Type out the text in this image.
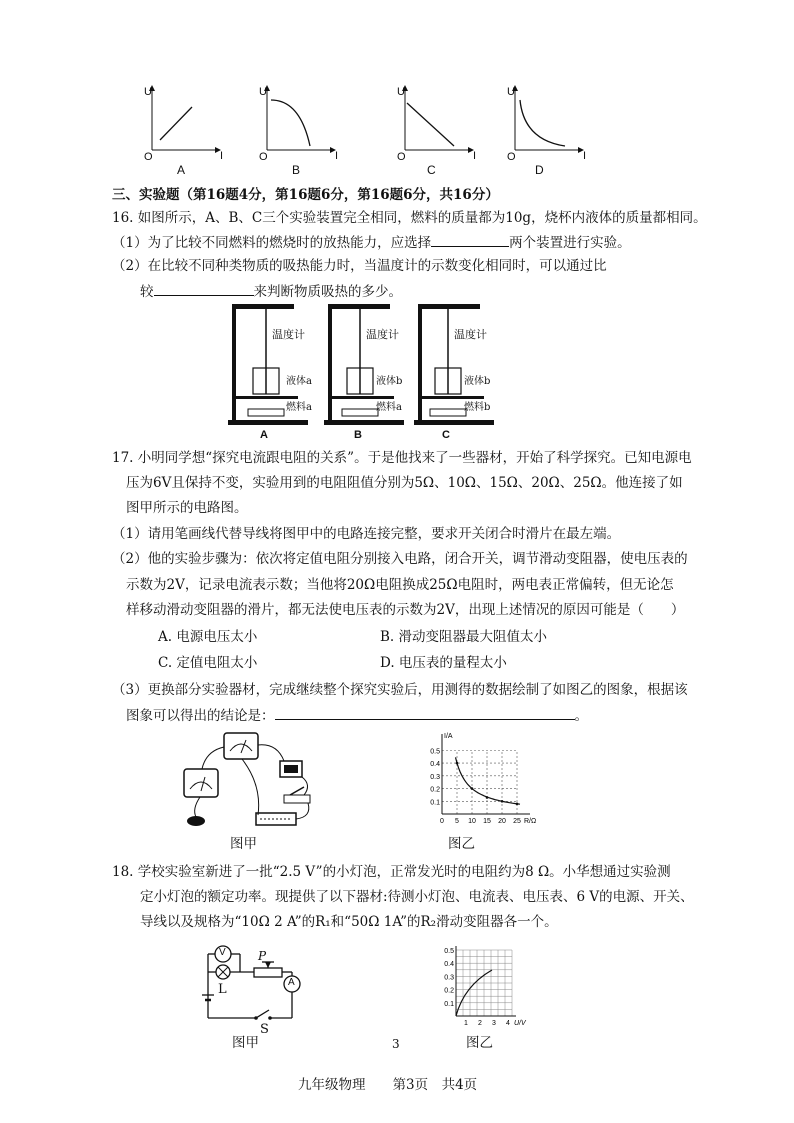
U
I
O
U
I
O
U
I
O
U
I
O
A	B	C	D
三、实验题（第16题4分，第16题6分，第16题6分，共16分）
16. 如图所示，A、B、C三个实验装置完全相同，燃料的质量都为10g，烧杯内液体的质量都相同。
（1）为了比较不同燃料的燃烧时的放热能力，应选择	两个装置进行实验。
（2）在比较不同种类物质的吸热能力时，当温度计的示数变化相同时，可以通过比
较	来判断物质吸热的多少。
温度计
液体a
燃料a
A
温度计
液体b
燃料a
B
温度计
液体b
燃料b
C
17. 小明同学想“探究电流跟电阻的关系”。于是他找来了一些器材，开始了科学探究。已知电源电
压为6V且保持不变，实验用到的电阻阻值分别为5Ω、10Ω、15Ω、20Ω、25Ω。他连接了如
图甲所示的电路图。
（1）请用笔画线代替导线将图甲中的电路连接完整，要求开关闭合时滑片在最左端。
（2）他的实验步骤为：依次将定值电阻分别接入电路，闭合开关，调节滑动变阻器，使电压表的
示数为2V，记录电流表示数；当他将20Ω电阻换成25Ω电阻时，两电表正常偏转，但无论怎
样移动滑动变阻器的滑片，都无法使电压表的示数为2V，出现上述情况的原因可能是（　　）
A. 电源电压太小	B. 滑动变阻器最大阻值太小
C. 定值电阻太小	D. 电压表的量程太小
（3）更换部分实验器材，完成继续整个探究实验后，用测得的数据绘制了如图乙的图象，根据该
图象可以得出的结论是：	。
图甲
0.1
0.2
0.3
0.4
0.5
0 5 10 15 20 25
I/A
R/Ω
图乙
18. 学校实验室新进了一批“2.5 V”的小灯泡，正常发光时的电阻约为8 Ω。小华想通过实验测
定小灯泡的额定功率。现提供了以下器材:待测小灯泡、电流表、电压表、6 V的电源、开关、
导线以及规格为“10Ω 2 A”的R₁和“50Ω 1A”的R₂滑动变阻器各一个。
V
A
P
L
S
图甲
0.1
0.2
0.3
0.4
0.5
1 2 3 4 U/V
图乙
3
九年级物理　　第3页　共4页
